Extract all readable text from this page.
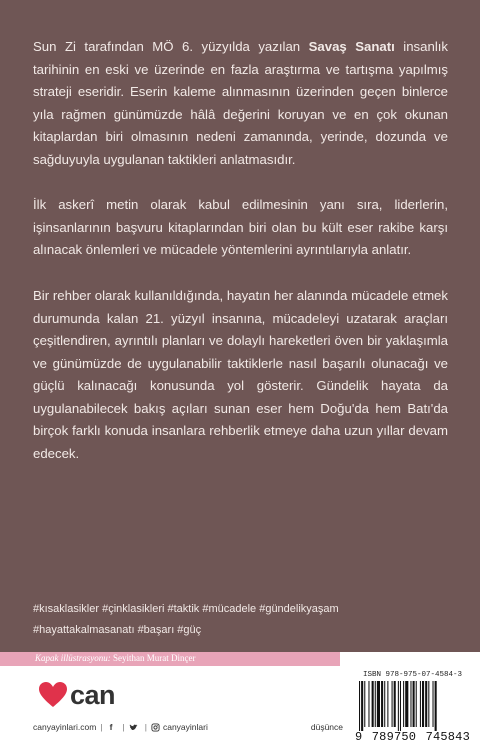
Sun Zi tarafından MÖ 6. yüzyılda yazılan Savaş Sanatı insanlık tarihinin en eski ve üzerinde en fazla araştırma ve tartışma yapılmış strateji eseridir. Eserin kaleme alınmasının üzerinden geçen binlerce yıla rağmen günümüzde hâlâ değerini koruyan ve en çok okunan kitaplardan biri olmasının nedeni zamanında, yerinde, dozunda ve sağduyuyla uygulanan taktikleri anlatmasıdır.
İlk askerî metin olarak kabul edilmesinin yanı sıra, liderlerin, işinsanlarının başvuru kitaplarından biri olan bu kült eser rakibe karşı alınacak önlemleri ve mücadele yöntemlerini ayrıntılarıyla anlatır.
Bir rehber olarak kullanıldığında, hayatın her alanında mücadele etmek durumunda kalan 21. yüzyıl insanına, mücadeleyi uzatarak araçları çeşitlendiren, ayrıntılı planları ve dolaylı hareketleri öven bir yaklaşımla ve günümüzde de uygulanabilir taktiklerle nasıl başarılı olunacağı ve güçlü kalınacağı konusunda yol gösterir. Gündelik hayata da uygulanabilecek bakış açıları sunan eser hem Doğu'da hem Batı'da birçok farklı konuda insanlara rehberlik etmeye daha uzun yıllar devam edecek.
#kısaklasikler #çinklasikleri #taktik #mücadele #gündelikyaşam
#hayattakalmasanatı #başarı #güç
Kapak illüstrasyonu: Seyithan Murat Dinçer
can
canyayinlari.com | f	| | canyayinlari	düşünce
ISBN 978-975-07-4584-3
9 789750 745843
